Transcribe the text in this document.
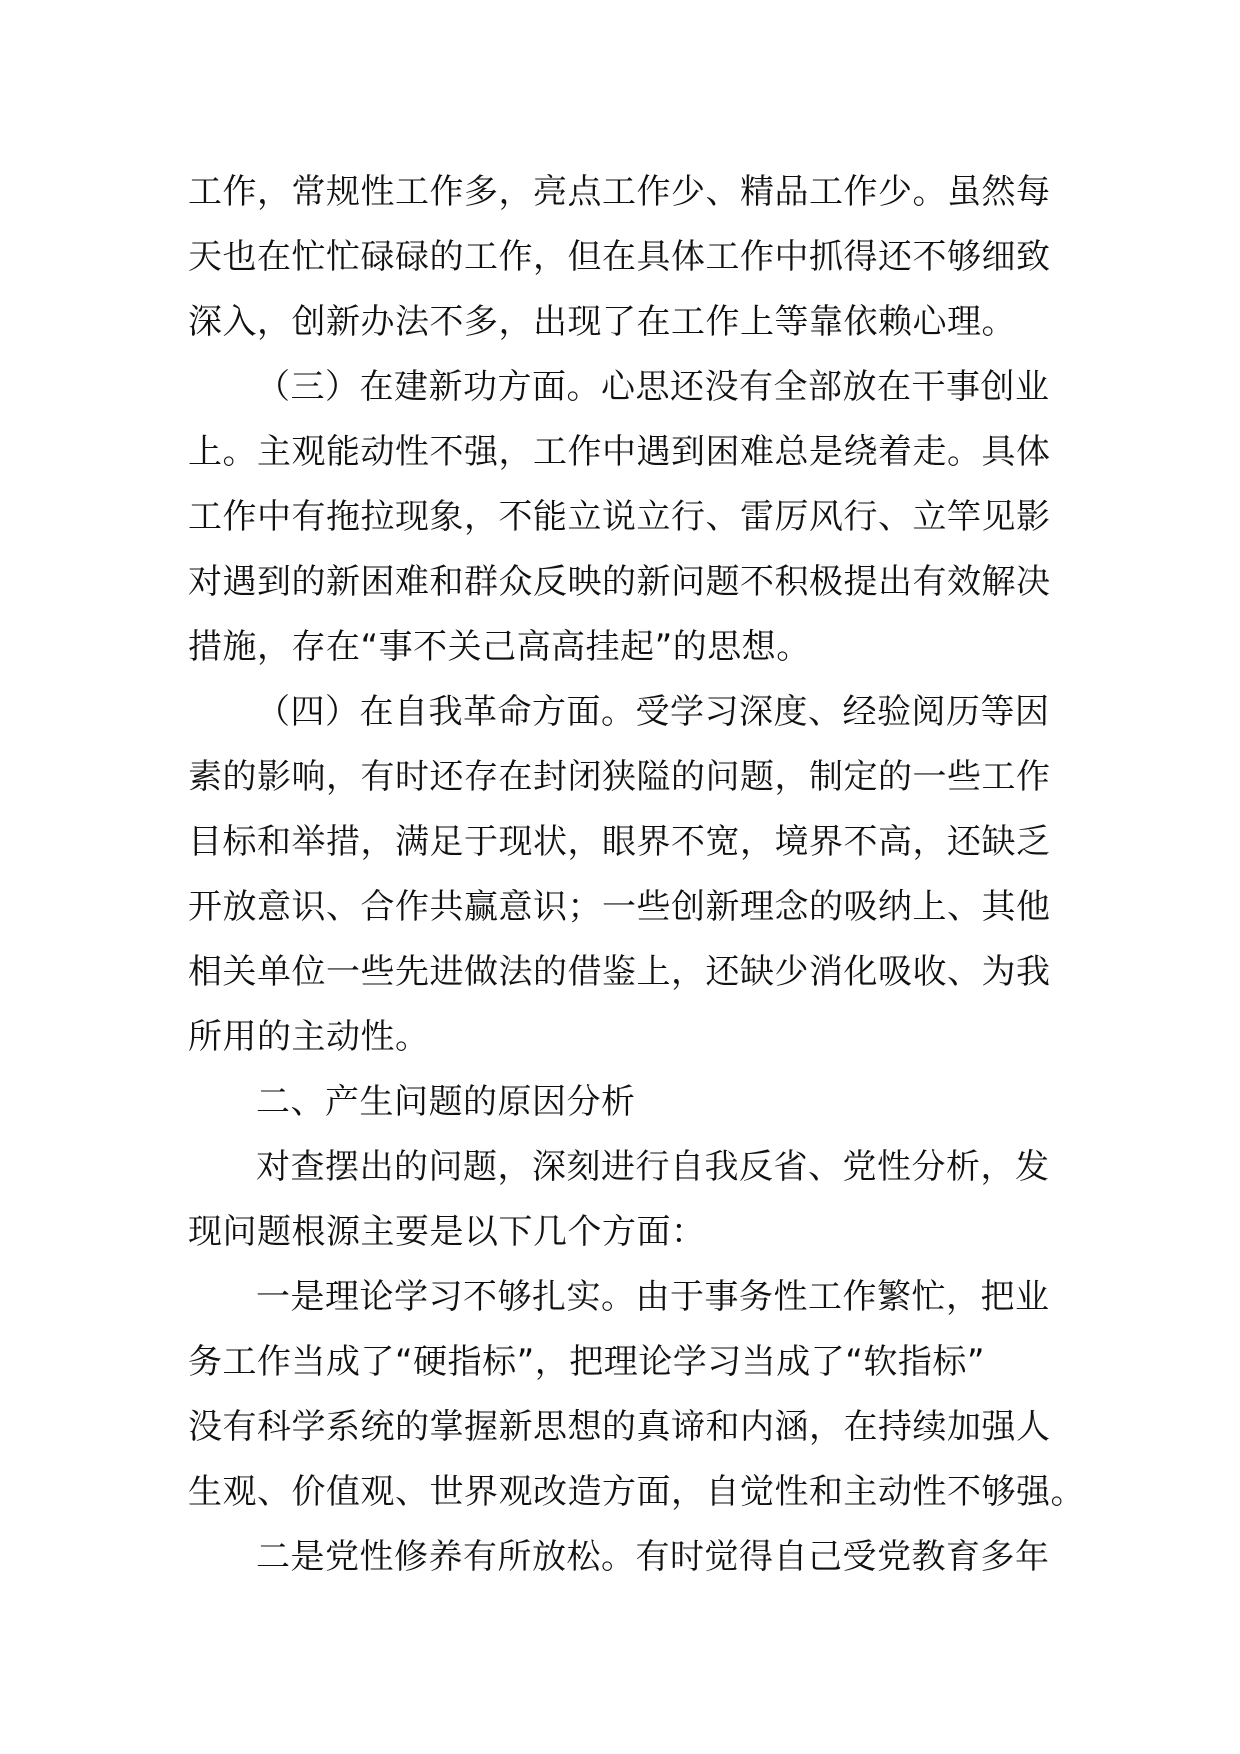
工作，常规性工作多，亮点工作少、精品工作少。虽然每
天也在忙忙碌碌的工作，但在具体工作中抓得还不够细致
深入，创新办法不多，出现了在工作上等靠依赖心理。
（三）在建新功方面。心思还没有全部放在干事创业
上。主观能动性不强，工作中遇到困难总是绕着走。具体
工作中有拖拉现象，不能立说立行、雷厉风行、立竿见影
对遇到的新困难和群众反映的新问题不积极提出有效解决
措施，存在“事不关己高高挂起”的思想。
（四）在自我革命方面。受学习深度、经验阅历等因
素的影响，有时还存在封闭狭隘的问题，制定的一些工作
目标和举措，满足于现状，眼界不宽，境界不高，还缺乏
开放意识、合作共赢意识；一些创新理念的吸纳上、其他
相关单位一些先进做法的借鉴上，还缺少消化吸收、为我
所用的主动性。
二、产生问题的原因分析
对查摆出的问题，深刻进行自我反省、党性分析，发
现问题根源主要是以下几个方面：
一是理论学习不够扎实。由于事务性工作繁忙，把业
务工作当成了“硬指标”，把理论学习当成了“软指标”
没有科学系统的掌握新思想的真谛和内涵，在持续加强人
生观、价值观、世界观改造方面，自觉性和主动性不够强。
二是党性修养有所放松。有时觉得自己受党教育多年
